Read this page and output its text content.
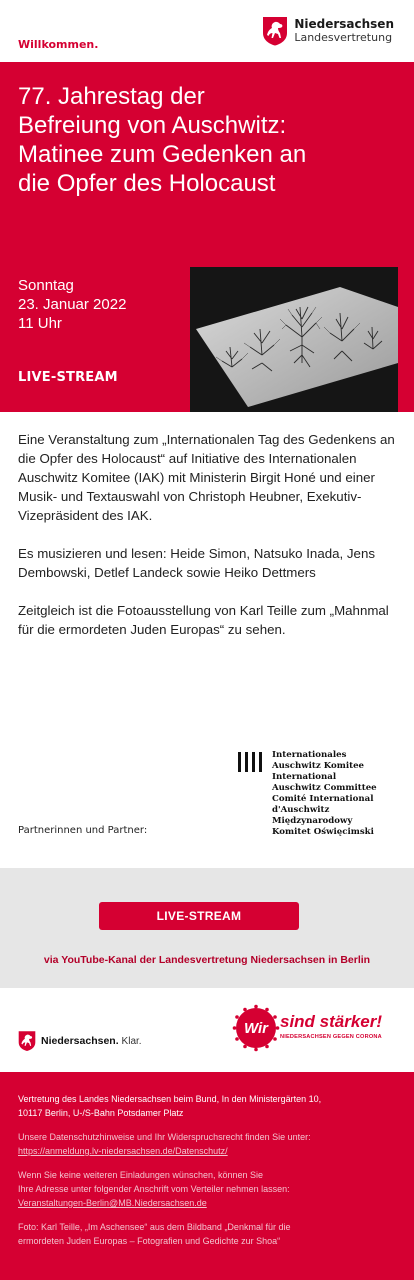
Willkommen.
Niedersachsen
Landesvertretung
77. Jahrestag der
Befreiung von Auschwitz:
Matinee zum Gedenken an
die Opfer des Holocaust
Sonntag
23. Januar 2022
11 Uhr
LIVE-STREAM

Eine Veranstaltung zum „Internationalen Tag des Gedenkens an die Opfer des Holocaust“ auf Initiative des Internationalen Auschwitz Komitee (IAK) mit Ministerin Birgit Honé und einer Musik- und Textauswahl von Christoph Heubner, Exekutiv-Vizepräsident des IAK.

Es musizieren und lesen: Heide Simon, Natsuko Inada, Jens Dembowski, Detlef Landeck sowie Heiko Dettmers

Zeitgleich ist die Fotoausstellung von Karl Teille zum „Mahnmal für die ermordeten Juden Europas“ zu sehen.

Internationales
Auschwitz Komitee
International
Auschwitz Committee
Comité International
d'Auschwitz
Międzynarodowy
Komitet Oświęcimski
Partnerinnen und Partner:
LIVE-STREAM
via YouTube-Kanal der Landesvertretung Niedersachsen in Berlin
Niedersachsen. Klar.
Wir sind stärker!
NIEDERSACHSEN GEGEN CORONA
Vertretung des Landes Niedersachsen beim Bund, In den Ministergärten 10,
10117 Berlin, U-/S-Bahn Potsdamer Platz
Unsere Datenschutzhinweise und Ihr Widerspruchsrecht finden Sie unter:
https://anmeldung.lv-niedersachsen.de/Datenschutz/
Wenn Sie keine weiteren Einladungen wünschen, können Sie
Ihre Adresse unter folgender Anschrift vom Verteiler nehmen lassen:
Veranstaltungen-Berlin@MB.Niedersachsen.de
Foto: Karl Teille, „Im Aschensee“ aus dem Bildband „Denkmal für die
ermordeten Juden Europas – Fotografien und Gedichte zur Shoa“
